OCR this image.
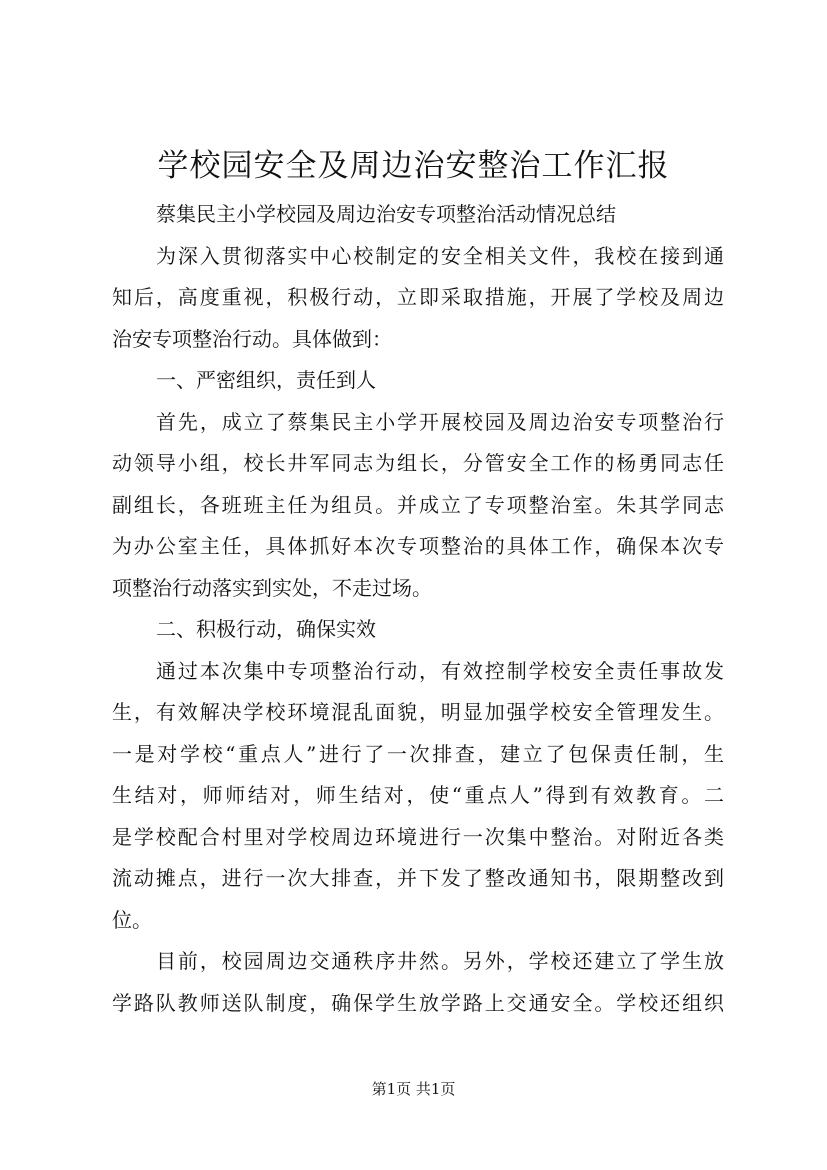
学校园安全及周边治安整治工作汇报
蔡集民主小学校园及周边治安专项整治活动情况总结
为深入贯彻落实中心校制定的安全相关文件，我校在接到通
知后，高度重视，积极行动，立即采取措施，开展了学校及周边
治安专项整治行动。具体做到：
一、严密组织，责任到人
首先，成立了蔡集民主小学开展校园及周边治安专项整治行
动领导小组，校长井军同志为组长，分管安全工作的杨勇同志任
副组长，各班班主任为组员。并成立了专项整治室。朱其学同志
为办公室主任，具体抓好本次专项整治的具体工作，确保本次专
项整治行动落实到实处，不走过场。
二、积极行动，确保实效
通过本次集中专项整治行动，有效控制学校安全责任事故发
生，有效解决学校环境混乱面貌，明显加强学校安全管理发生。
一是对学校“重点人”进行了一次排查，建立了包保责任制，生
生结对，师师结对，师生结对，使“重点人”得到有效教育。二
是学校配合村里对学校周边环境进行一次集中整治。对附近各类
流动摊点，进行一次大排查，并下发了整改通知书，限期整改到
位。
目前，校园周边交通秩序井然。另外，学校还建立了学生放
学路队教师送队制度，确保学生放学路上交通安全。学校还组织
第1页 共1页
